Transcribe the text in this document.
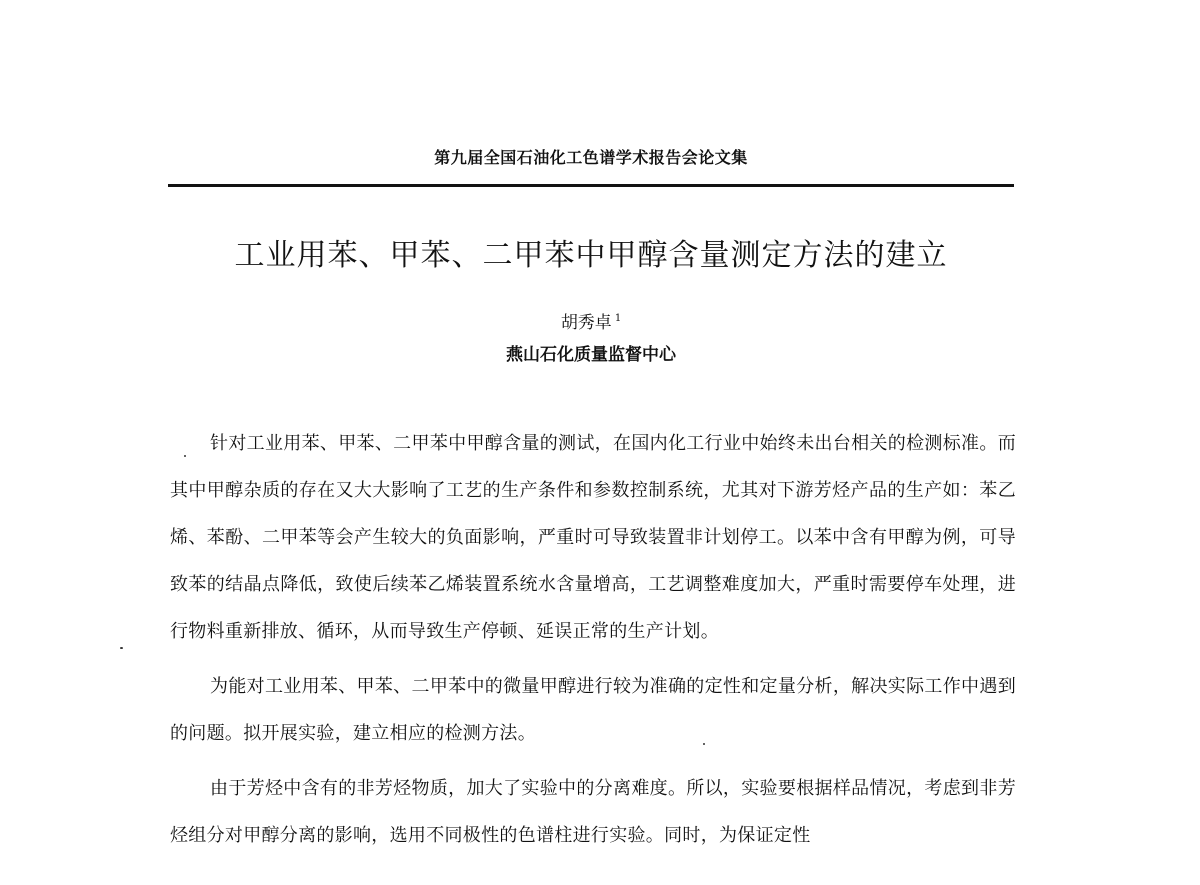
第九届全国石油化工色谱学术报告会论文集
工业用苯、甲苯、二甲苯中甲醇含量测定方法的建立
胡秀卓 $^1$
燕山石化质量监督中心

针对工业用苯、甲苯、二甲苯中甲醇含量的测试，在国内化工行业中始终未出台相关的检测标准。而其中甲醇杂质的存在又大大影响了工艺的生产条件和参数控制系统，尤其对下游芳烃产品的生产如：苯乙烯、苯酚、二甲苯等会产生较大的负面影响，严重时可导致装置非计划停工。以苯中含有甲醇为例，可导致苯的结晶点降低，致使后续苯乙烯装置系统水含量增高，工艺调整难度加大，严重时需要停车处理，进行物料重新排放、循环，从而导致生产停顿、延误正常的生产计划。

为能对工业用苯、甲苯、二甲苯中的微量甲醇进行较为准确的定性和定量分析，解决实际工作中遇到的问题。拟开展实验，建立相应的检测方法。

由于芳烃中含有的非芳烃物质，加大了实验中的分离难度。所以，实验要根据样品情况，考虑到非芳烃组分对甲醇分离的影响，选用不同极性的色谱柱进行实验。同时，为保证定性
